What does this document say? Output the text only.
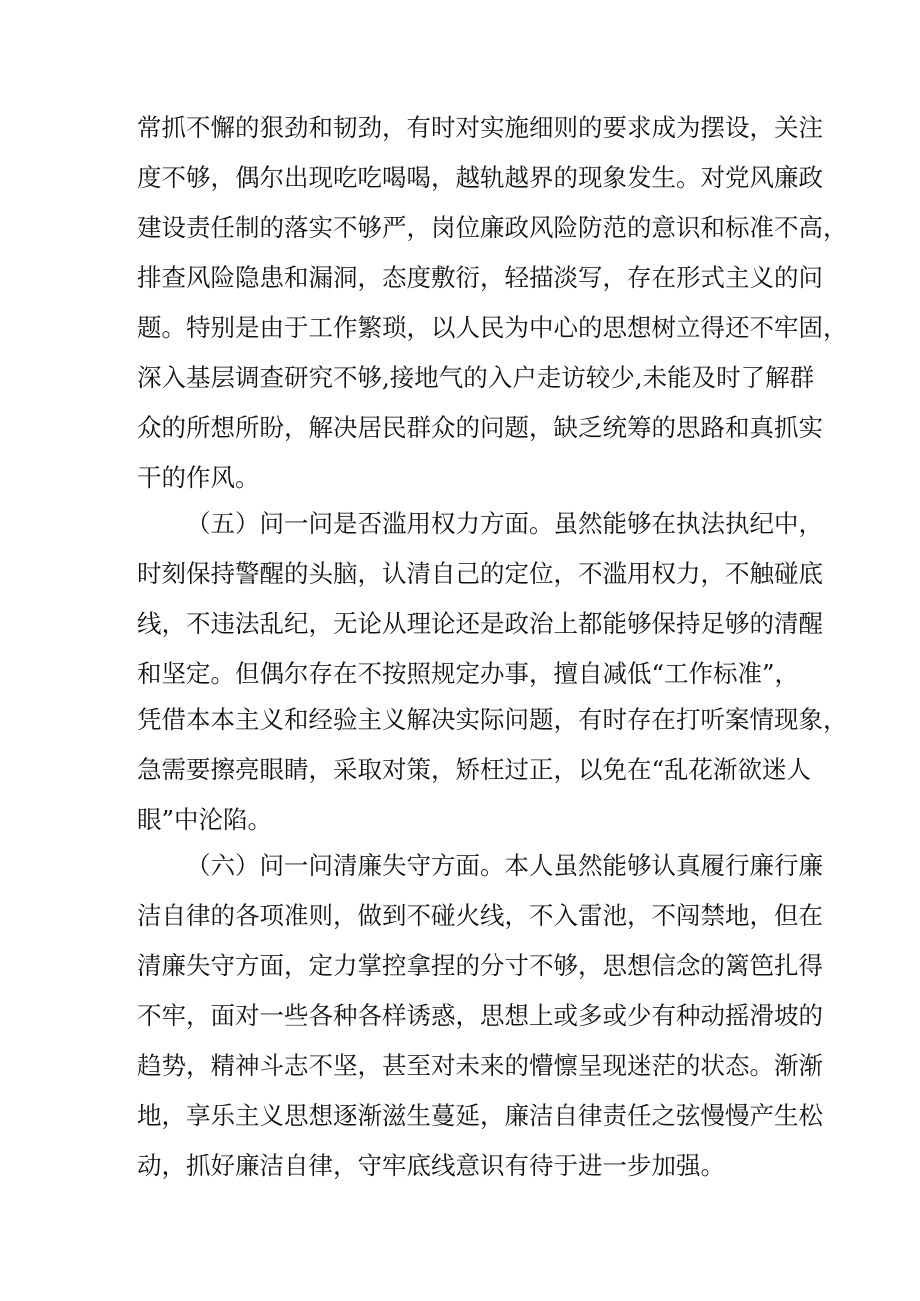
常抓不懈的狠劲和韧劲，有时对实施细则的要求成为摆设，关注
度不够，偶尔出现吃吃喝喝，越轨越界的现象发生。对党风廉政
建设责任制的落实不够严，岗位廉政风险防范的意识和标准不高，
排查风险隐患和漏洞，态度敷衍，轻描淡写，存在形式主义的问
题。特别是由于工作繁琐，以人民为中心的思想树立得还不牢固，
深入基层调查研究不够,接地气的入户走访较少,未能及时了解群
众的所想所盼，解决居民群众的问题，缺乏统筹的思路和真抓实
干的作风。
（五）问一问是否滥用权力方面。虽然能够在执法执纪中，
时刻保持警醒的头脑，认清自己的定位，不滥用权力，不触碰底
线，不违法乱纪，无论从理论还是政治上都能够保持足够的清醒
和坚定。但偶尔存在不按照规定办事，擅自减低“工作标准”，
凭借本本主义和经验主义解决实际问题，有时存在打听案情现象，
急需要擦亮眼睛，采取对策，矫枉过正，以免在“乱花渐欲迷人
眼”中沦陷。
（六）问一问清廉失守方面。本人虽然能够认真履行廉行廉
洁自律的各项准则，做到不碰火线，不入雷池，不闯禁地，但在
清廉失守方面，定力掌控拿捏的分寸不够，思想信念的篱笆扎得
不牢，面对一些各种各样诱惑，思想上或多或少有种动摇滑坡的
趋势，精神斗志不坚，甚至对未来的懵懔呈现迷茫的状态。渐渐
地，享乐主义思想逐渐滋生蔓延，廉洁自律责任之弦慢慢产生松
动，抓好廉洁自律，守牢底线意识有待于进一步加强。
